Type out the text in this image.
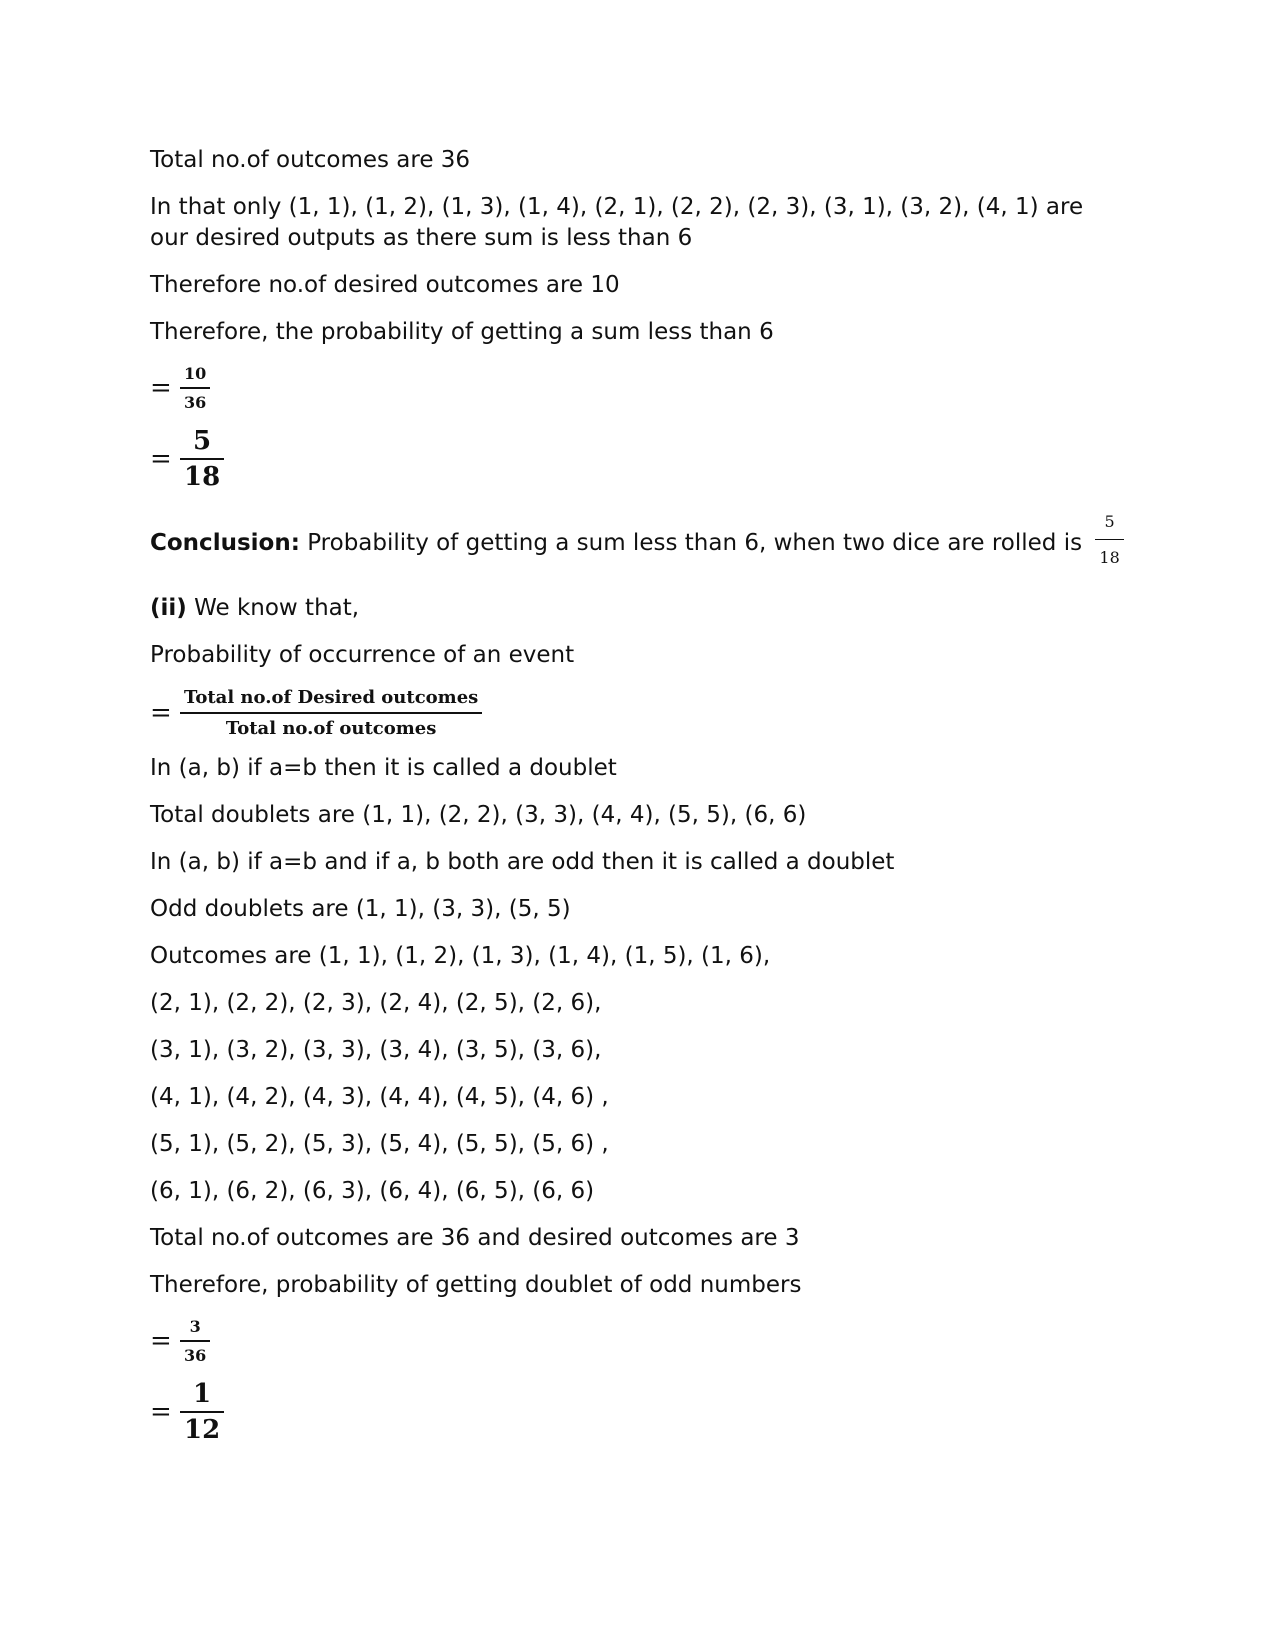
Total no.of outcomes are 36
In that only (1, 1), (1, 2), (1, 3), (1, 4), (2, 1), (2, 2), (2, 3), (3, 1), (3, 2), (4, 1) are our desired outputs as there sum is less than 6
Therefore no.of desired outcomes are 10
Therefore, the probability of getting a sum less than 6
= $\frac{10}{36}$
= $\frac{5}{18}$
Conclusion: Probability of getting a sum less than 6, when two dice are rolled is $\frac{5}{18}$
(ii) We know that,
Probability of occurrence of an event
= $\frac{\text{Total no.of Desired outcomes}}{\text{Total no.of outcomes}}$
In (a, b) if a=b then it is called a doublet
Total doublets are (1, 1), (2, 2), (3, 3), (4, 4), (5, 5), (6, 6)
In (a, b) if a=b and if a, b both are odd then it is called a doublet
Odd doublets are (1, 1), (3, 3), (5, 5)
Outcomes are (1, 1), (1, 2), (1, 3), (1, 4), (1, 5), (1, 6),
(2, 1), (2, 2), (2, 3), (2, 4), (2, 5), (2, 6),
(3, 1), (3, 2), (3, 3), (3, 4), (3, 5), (3, 6),
(4, 1), (4, 2), (4, 3), (4, 4), (4, 5), (4, 6) ,
(5, 1), (5, 2), (5, 3), (5, 4), (5, 5), (5, 6) ,
(6, 1), (6, 2), (6, 3), (6, 4), (6, 5), (6, 6)
Total no.of outcomes are 36 and desired outcomes are 3
Therefore, probability of getting doublet of odd numbers
= $\frac{3}{36}$
= $\frac{1}{12}$
